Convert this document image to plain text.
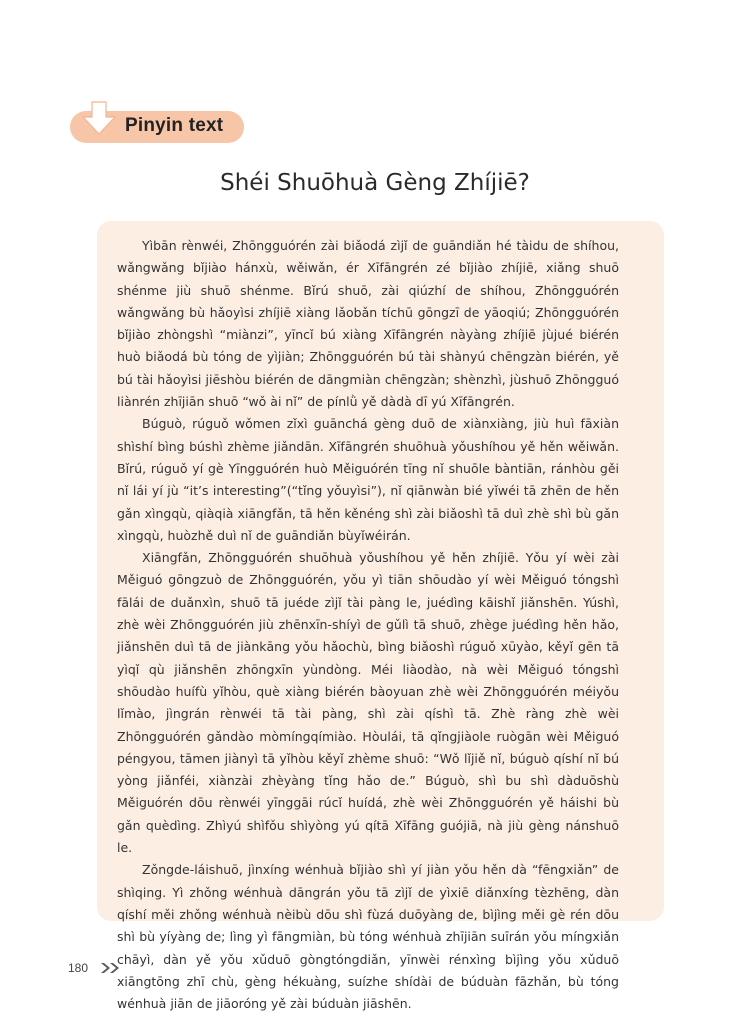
Pinyin text
Shéi Shuōhuà Gèng Zhíjiē?

Yìbān rènwéi, Zhōngguórén zài biǎodá zìjǐ de guāndiǎn hé tàidu de shíhou, wǎngwǎng bǐjiào hánxù, wěiwǎn, ér Xīfāngrén zé bǐjiào zhíjiē, xiǎng shuō shénme jiù shuō shénme. Bǐrú shuō, zài qiúzhí de shíhou, Zhōngguórén wǎngwǎng bù hǎoyìsi zhíjiē xiàng lǎobǎn tíchū gōngzī de yāoqiú; Zhōngguórén bǐjiào zhòngshì “miànzi”, yīncǐ bú xiàng Xīfāngrén nàyàng zhíjiē jùjué biérén huò biǎodá bù tóng de yìjiàn; Zhōngguórén bú tài shànyú chēngzàn biérén, yě bú tài hǎoyìsi jiēshòu biérén de dāngmiàn chēngzàn; shènzhì, jùshuō Zhōngguó liànrén zhījiān shuō “wǒ ài nǐ” de pínlǜ yě dàdà dī yú Xīfāngrén.

Búguò, rúguǒ wǒmen zǐxì guānchá gèng duō de xiànxiàng, jiù huì fāxiàn shìshí bìng búshì zhème jiǎndān. Xīfāngrén shuōhuà yǒushíhou yě hěn wěiwǎn. Bǐrú, rúguǒ yí gè Yīngguórén huò Měiguórén tīng nǐ shuōle bàntiān, ránhòu gěi nǐ lái yí jù “it’s interesting”(“tǐng yǒuyìsi”), nǐ qiānwàn bié yǐwéi tā zhēn de hěn gǎn xìngqù, qiàqià xiāngfǎn, tā hěn kěnéng shì zài biǎoshì tā duì zhè shì bù gǎn xìngqù, huòzhě duì nǐ de guāndiǎn bùyǐwéirán.

Xiāngfǎn, Zhōngguórén shuōhuà yǒushíhou yě hěn zhíjiē. Yǒu yí wèi zài Měiguó gōngzuò de Zhōngguórén, yǒu yì tiān shōudào yí wèi Měiguó tóngshì fālái de duǎnxìn, shuō tā juéde zìjǐ tài pàng le, juédìng kāishǐ jiǎnshēn. Yúshì, zhè wèi Zhōngguórén jiù zhēnxīn-shíyì de gǔlì tā shuō, zhège juédìng hěn hǎo, jiǎnshēn duì tā de jiànkāng yǒu hǎochù, bìng biǎoshì rúguǒ xūyào, kěyǐ gēn tā yìqǐ qù jiǎnshēn zhōngxīn yùndòng. Méi liàodào, nà wèi Měiguó tóngshì shōudào huífù yǐhòu, què xiàng biérén bàoyuan zhè wèi Zhōngguórén méiyǒu lǐmào, jìngrán rènwéi tā tài pàng, shì zài qíshì tā. Zhè ràng zhè wèi Zhōngguórén gǎndào mòmíngqímiào. Hòulái, tā qǐngjiàole ruògān wèi Měiguó péngyou, tāmen jiànyì tā yǐhòu kěyǐ zhème shuō: “Wǒ lǐjiě nǐ, búguò qíshí nǐ bú yòng jiǎnféi, xiànzài zhèyàng tǐng hǎo de.” Búguò, shì bu shì dàduōshù Měiguórén dōu rènwéi yīnggāi rúcǐ huídá, zhè wèi Zhōngguórén yě háishi bù gǎn quèdìng. Zhìyú shìfǒu shìyòng yú qítā Xīfāng guójiā, nà jiù gèng nánshuō le.

Zǒngde-láishuō, jìnxíng wénhuà bǐjiào shì yí jiàn yǒu hěn dà “fēngxiǎn” de shìqing. Yì zhǒng wénhuà dāngrán yǒu tā zìjǐ de yìxiē diǎnxíng tèzhēng, dàn qíshí měi zhǒng wénhuà nèibù dōu shì fùzá duōyàng de, bìjìng měi gè rén dōu shì bù yíyàng de; lìng yì fāngmiàn, bù tóng wénhuà zhījiān suīrán yǒu míngxiǎn chāyì, dàn yě yǒu xǔduō gòngtóngdiǎn, yīnwèi rénxìng bìjìng yǒu xǔduō xiāngtōng zhī chù, gèng hékuàng, suízhe shídài de búduàn fāzhǎn, bù tóng wénhuà jiān de jiāoróng yě zài búduàn jiāshēn.

180
